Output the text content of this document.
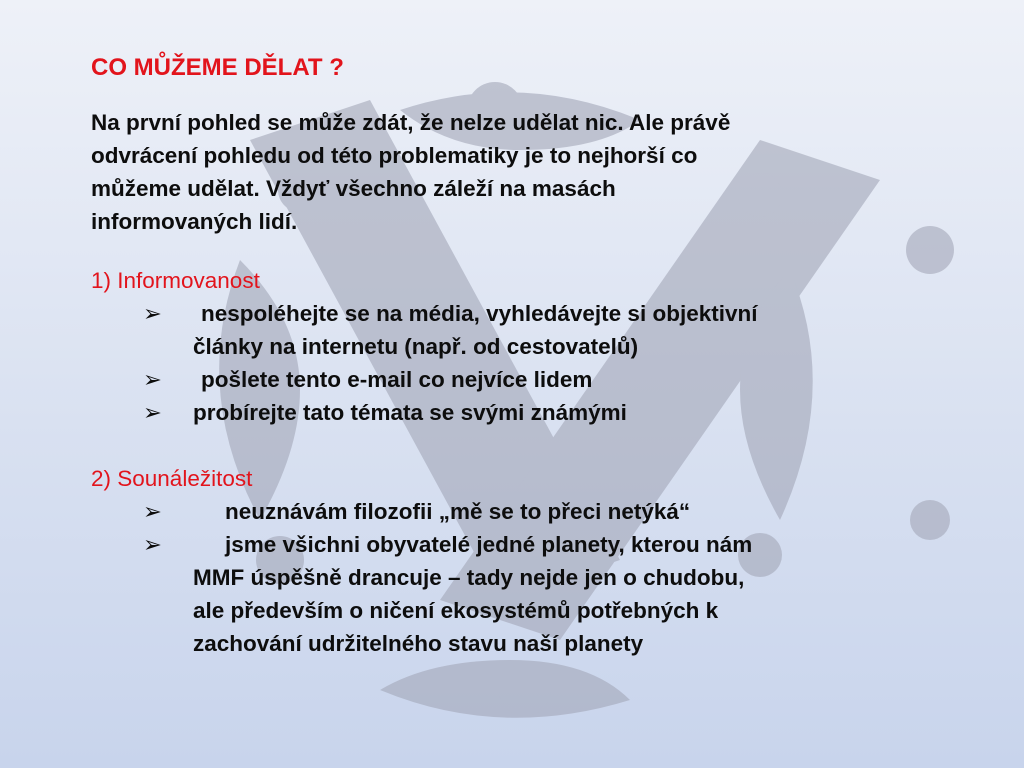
CO MŮŽEME DĚLAT ?
Na první pohled se může zdát, že nelze udělat nic. Ale právě
odvrácení pohledu od této problematiky je to nejhorší co
můžeme udělat. Vždyť všechno záleží na masách
informovaných lidí.
1) Informovanost
➢	nespoléhejte se na média, vyhledávejte si objektivní
články na internetu (např. od cestovatelů)
➢	pošlete tento e-mail co nejvíce lidem
➢ probírejte tato témata se svými známými
2) Sounáležitost
➢	neuznávám filozofii „mě se to přeci netýká“
➢	jsme všichni obyvatelé jedné planety, kterou nám
MMF úspěšně drancuje – tady nejde jen o chudobu,
ale především o ničení ekosystémů potřebných k
zachování udržitelného stavu naší planety
